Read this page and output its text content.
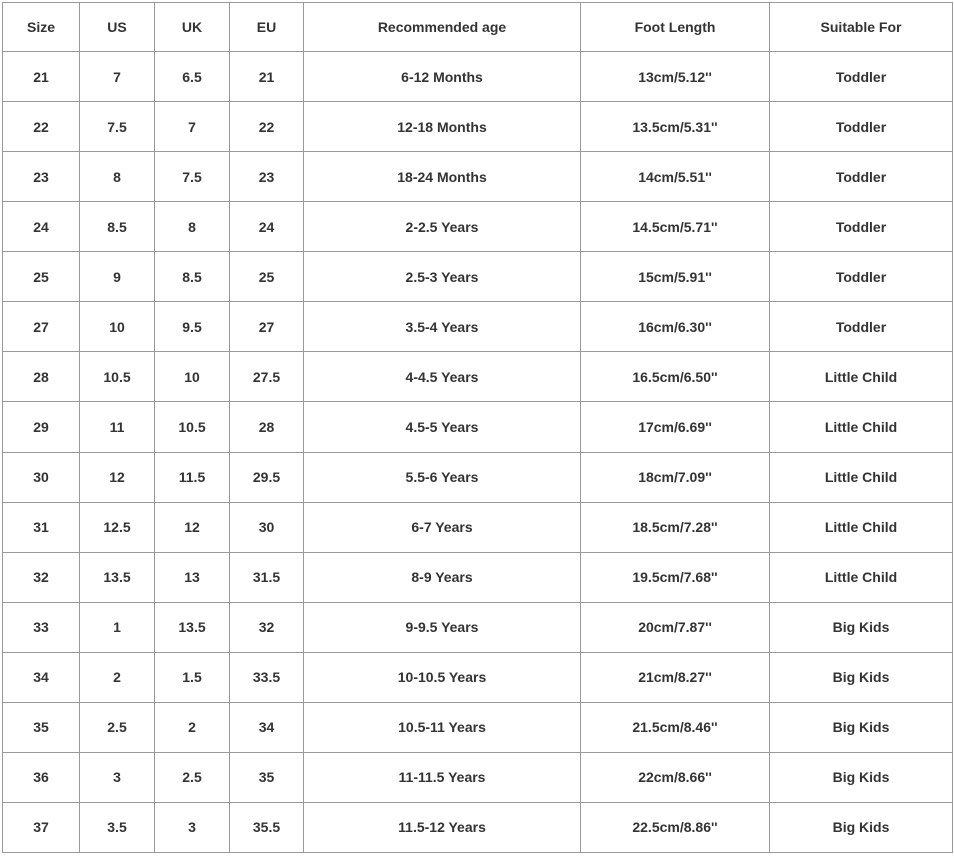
Size	US	UK	EU	Recommended age	Foot Length	Suitable For
21	7	6.5	21	6-12 Months	13cm/5.12''	Toddler
22	7.5	7	22	12-18 Months	13.5cm/5.31''	Toddler
23	8	7.5	23	18-24 Months	14cm/5.51''	Toddler
24	8.5	8	24	2-2.5 Years	14.5cm/5.71''	Toddler
25	9	8.5	25	2.5-3 Years	15cm/5.91''	Toddler
27	10	9.5	27	3.5-4 Years	16cm/6.30''	Toddler
28	10.5	10	27.5	4-4.5 Years	16.5cm/6.50''	Little Child
29	11	10.5	28	4.5-5 Years	17cm/6.69''	Little Child
30	12	11.5	29.5	5.5-6 Years	18cm/7.09''	Little Child
31	12.5	12	30	6-7 Years	18.5cm/7.28''	Little Child
32	13.5	13	31.5	8-9 Years	19.5cm/7.68''	Little Child
33	1	13.5	32	9-9.5 Years	20cm/7.87''	Big Kids
34	2	1.5	33.5	10-10.5 Years	21cm/8.27''	Big Kids
35	2.5	2	34	10.5-11 Years	21.5cm/8.46''	Big Kids
36	3	2.5	35	11-11.5 Years	22cm/8.66''	Big Kids
37	3.5	3	35.5	11.5-12 Years	22.5cm/8.86''	Big Kids
